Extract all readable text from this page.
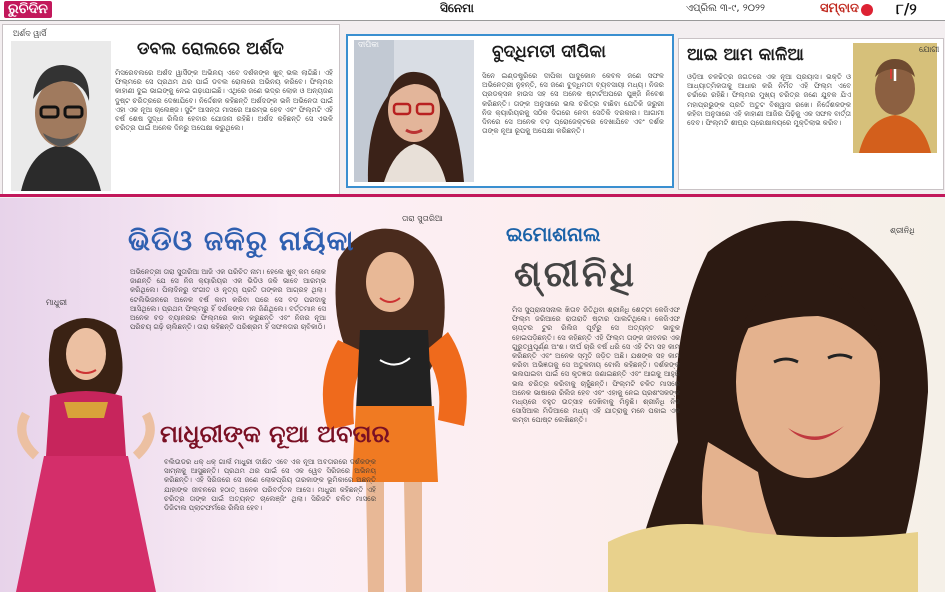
ରୁଚିଦିନ	ସିନେମା	ଏପ୍ରିଲ ୩-୯, ୨୦୨୨	ସମ୍ବାଦ ୮/୨
ଅର୍ଶଦ ୱାର୍ସି
ଡବଲ ରୋଲରେ ଅର୍ଶଦ

ମିସରେବଲରେ ଅର୍ଶଦ ୱାର୍ସିଙ୍କ ଅଭିନୟ ଏବେ ଦର୍ଶକଙ୍କ ଖୁବ୍ ଭଲ ଲାଗିଛି। ଏହି ଫିଲ୍ମରେ ସେ ପ୍ରଥମ ଥର ପାଇଁ ଡବଲ ରୋଲରେ ଅଭିନୟ କରିବେ। ଫିଲ୍ମର କାହାଣୀ ଦୁଇ ଭାଇଙ୍କୁ ନେଇ ଗଢ଼ାଯାଇଛି। ଏଥିରେ ଜଣେ ଭଦ୍ର ଲୋକ ଓ ଅନ୍ୟଜଣ ଦୁଷ୍ଟ ଚରିତ୍ରରେ ଦେଖାଯିବେ। ନିର୍ଦ୍ଦେଶକ କହିଛନ୍ତି ଅର୍ଶଦଙ୍କ ଭଳି ଅଭିନେତା ପାଇଁ ଏହା ଏକ ନୂଆ ଚାଲେଞ୍ଜ। ସୁଟିଂ ଆସନ୍ତା ମାସରେ ଆରମ୍ଭ ହେବ ଏବଂ ଫିଲ୍ମଟି ଏହି ବର୍ଷ ଶେଷ ସୁଦ୍ଧା ରିଲିଜ ହେବାର ଯୋଜନା ରହିଛି। ଅର୍ଶଦ କହିଛନ୍ତି ସେ ଏଭଳି ଚରିତ୍ର ପାଇଁ ଅନେକ ଦିନରୁ ଅପେକ୍ଷା କରୁଥିଲେ।

ଦୀପିକା	ବୁଦ୍ଧିମତୀ ଦୀପିକା

ସିନେ ଇଣ୍ଡଷ୍ଟ୍ରିରେ ଦୀପିକା ପାଦୁକୋନ କେବଳ ଜଣେ ସଫଳ ଅଭିନେତ୍ରୀ ନୁହନ୍ତି, ସେ ଜଣେ ବୁଦ୍ଧିମତୀ ବ୍ୟବସାୟୀ ମଧ୍ୟ। ନିଜର ପ୍ରଡକ୍ସନ ହାଉସ ସହ ସେ ଅନେକ ଷ୍ଟାର୍ଟଅପରେ ପୁଞ୍ଜି ନିବେଶ କରିଛନ୍ତି। ତାଙ୍କ ଅନୁସାରେ ଭଲ ଚରିତ୍ର ବାଛିବା ଯେତିକି ଜରୁରୀ ନିଜ କ୍ୟାରିୟରକୁ ସଠିକ ଦିଗରେ ନେବା ସେତିକି ଦରକାର। ଆଗାମୀ ଦିନରେ ସେ ଅନେକ ବଡ଼ ପ୍ରୋଜେକ୍ଟରେ ଦେଖାଯିବେ ଏବଂ ଦର୍ଶକ ତାଙ୍କ ନୂଆ ରୂପକୁ ଅପେକ୍ଷା କରିଛନ୍ତି।

ଆଇ ଆମ କାଳିଆ	ଯୋଗୀ

ଓଡ଼ିଆ ଚଳଚ୍ଚିତ୍ର ଜଗତରେ ଏକ ନୂଆ ପ୍ରୟାସ। ଭକ୍ତି ଓ ଆଧ୍ୟାତ୍ମିକତାକୁ ଆଧାର କରି ନିର୍ମିତ ଏହି ଫିଲ୍ମ ଏବେ ଚର୍ଚ୍ଚାରେ ରହିଛି। ଫିଲ୍ମର ମୁଖ୍ୟ ଚରିତ୍ର ଜଣେ ଯୁବକ ଯିଏ ମହାପ୍ରଭୁଙ୍କ ପ୍ରତି ଅତୁଟ ବିଶ୍ୱାସ ରଖେ। ନିର୍ଦ୍ଦେଶକଙ୍କ କହିବା ଅନୁସାରେ ଏହି କାହାଣୀ ଆଜିର ପିଢ଼ିକୁ ଏକ ସଫଳ ବାର୍ତ୍ତା ଦେବ। ଫିଲ୍ମଟି ଶୀଘ୍ର ପ୍ରେକ୍ଷାଳୟରେ ମୁକ୍ତିଲାଭ କରିବ।

ତାରା ସୁତାରିଆ
ମାଧୁରୀ
ଶ୍ରୀନିଧି
ଭିଡିଓ ଜକିରୁ ନାୟିକା
ମାଧୁରୀଙ୍କ ନୂଆ ଅବତାର
ଇମୋଶନାଲ
ଶ୍ରୀନିଧି

ଅଭିନେତ୍ରୀ ତାରା ସୁତାରିଆ ଆଜି ଏକ ପରିଚିତ ନାମ। ହେଲେ ଖୁବ୍ କମ ଲୋକ ଜାଣନ୍ତି ଯେ ସେ ନିଜ କ୍ୟାରିୟର ଏକ ଭିଡିଓ ଜକି ଭାବେ ଆରମ୍ଭ କରିଥିଲେ। ପିଲାଦିନରୁ ସଂଗୀତ ଓ ନୃତ୍ୟ ପ୍ରତି ତାଙ୍କର ଆଗ୍ରହ ଥିଲା। ଟେଲିଭିଜନରେ ଅନେକ ବର୍ଷ କାମ କରିବା ପରେ ସେ ବଡ଼ ପରଦାକୁ ଆସିଥିଲେ। ପ୍ରଥମ ଫିଲ୍ମରୁ ହିଁ ଦର୍ଶକଙ୍କ ମନ ଜିଣିଥିଲେ। ବର୍ତ୍ତମାନ ସେ ଅନେକ ବଡ଼ ବ୍ୟାନରର ଫିଲ୍ମରେ କାମ କରୁଛନ୍ତି ଏବଂ ନିଜର ନୂଆ ପରିଚୟ ଗଢ଼ି ଚାଲିଛନ୍ତି। ତାରା କହିଛନ୍ତି ପରିଶ୍ରମ ହିଁ ସଫଳତାର ଚାବିକାଠି।

ବଲିଉଡର ଧକ୍ ଧକ୍ ଗାର୍ଲ ମାଧୁରୀ ଦୀକ୍ଷିତ ଏବେ ଏକ ନୂଆ ଅବତାରରେ ଦର୍ଶକଙ୍କ ସାମ୍ନାକୁ ଆସୁଛନ୍ତି। ପ୍ରଥମ ଥର ପାଇଁ ସେ ଏକ ୱେବ ସିରିଜରେ ଅଭିନୟ କରିଛନ୍ତି। ଏହି ସିରିଜରେ ସେ ଜଣେ ଲୋକପ୍ରିୟ ତାରକାଙ୍କ ଭୂମିକାରେ ଅଛନ୍ତି ଯାହାଙ୍କ ଜୀବନରେ ହଠାତ୍ ଅନେକ ପରିବର୍ତ୍ତନ ଆସେ। ମାଧୁରୀ କହିଛନ୍ତି ଏହି ଚରିତ୍ର ତାଙ୍କ ପାଇଁ ଅତ୍ୟନ୍ତ ଚାଲେଞ୍ଜିଂ ଥିଲା। ସିରିଜଟି ଚଳିତ ମାସରେ ଡିଜିଟାଲ ପ୍ଲାଟଫର୍ମରେ ରିଲିଜ ହେବ।

ମିସ ସୁପ୍ରାନାସନାଲ ଖିତାବ ଜିତିଥିବା ଶ୍ରୀନିଧି ଶେଟ୍ଟୀ କେଜିଏଫ ଫିଲ୍ମ ଜରିଆରେ ରାତାରାତି ଷ୍ଟାର ପାଲଟିଥିଲେ। କେଜିଏଫ ଚାପ୍ଟର ଟୁର ରିଲିଜ ପୂର୍ବରୁ ସେ ଅତ୍ୟନ୍ତ ଭାବୁକ ହୋଇପଡ଼ିଛନ୍ତି। ସେ କହିଛନ୍ତି ଏହି ଫିଲ୍ମ ତାଙ୍କ ଜୀବନର ଏକ ଗୁରୁତ୍ୱପୂର୍ଣ୍ଣ ଅଂଶ। ଦୀର୍ଘ ଚାରି ବର୍ଷ ଧରି ସେ ଏହି ଟିମ ସହ କାମ କରିଛନ୍ତି ଏବଂ ଅନେକ ସ୍ମୃତି ଜଡ଼ିତ ଅଛି। ଯଶଙ୍କ ସହ କାମ କରିବା ଅଭିଜ୍ଞତାକୁ ସେ ଅତୁଳନୀୟ ବୋଲି କହିଛନ୍ତି। ଦର୍ଶକଙ୍କ ଭଲପାଇବା ପାଇଁ ସେ କୃତଜ୍ଞତା ଜଣାଇଛନ୍ତି ଏବଂ ଆଗକୁ ଆହୁରି ଭଲ ଚରିତ୍ର କରିବାକୁ ଚାହୁଁଛନ୍ତି। ଫିଲ୍ମଟି ଚଳିତ ମାସରେ ଅନେକ ଭାଷାରେ ରିଲିଜ ହେବ ଏବଂ ଏହାକୁ ନେଇ ପ୍ରଶଂସକଙ୍କ ମଧ୍ୟରେ ବହୁତ ଉତ୍ସାହ ଦେଖିବାକୁ ମିଳୁଛି। ଶ୍ରୀନିଧି ନିଜ ସୋସିଆଲ ମିଡିଆରେ ମଧ୍ୟ ଏହି ଯାତ୍ରାକୁ ମନେ ପକାଇ ଏକ ଲମ୍ବା ପୋଷ୍ଟ ଲେଖିଛନ୍ତି।
